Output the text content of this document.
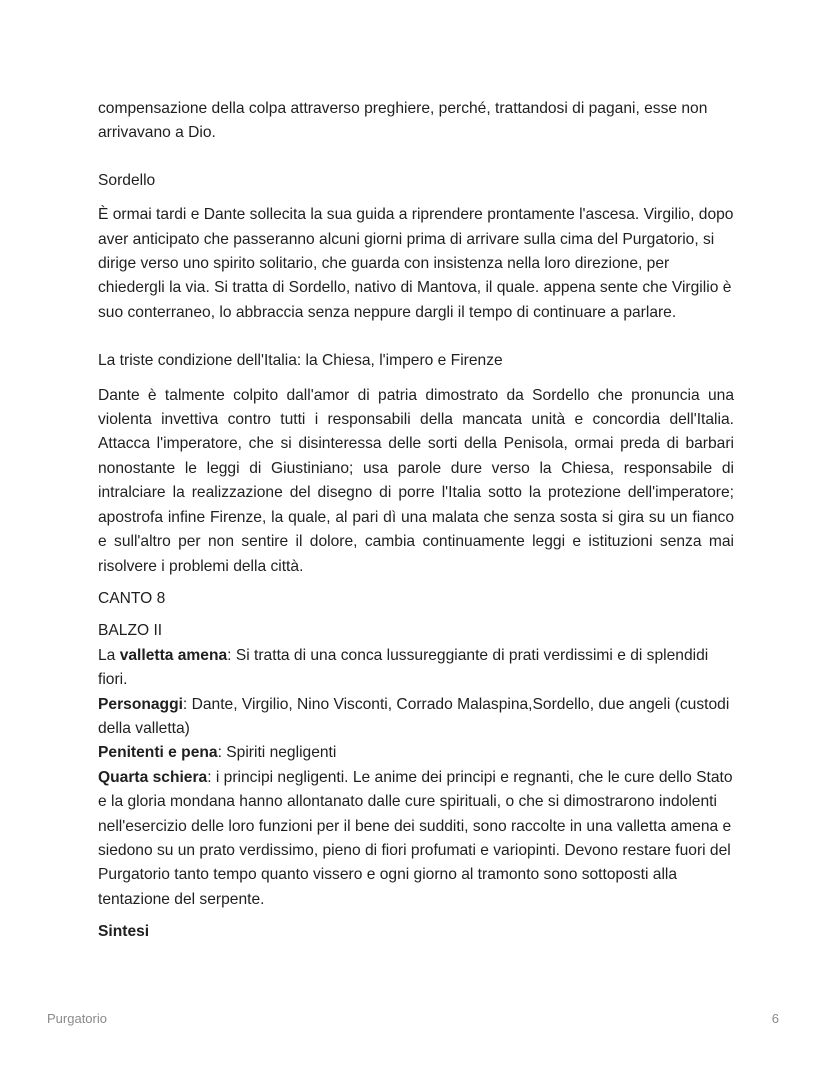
compensazione della colpa attraverso preghiere, perché, trattandosi di pagani, esse non arrivavano a Dio.

Sordello

È ormai tardi e Dante sollecita la sua guida a riprendere prontamente l'ascesa. Virgilio, dopo aver anticipato che passeranno alcuni giorni prima di arrivare sulla cima del Purgatorio, si dirige verso uno spirito solitario, che guarda con insistenza nella loro direzione, per chiedergli la via. Si tratta di Sordello, nativo di Mantova, il quale. appena sente che Virgilio è suo conterraneo, lo abbraccia senza neppure dargli il tempo di continuare a parlare.

La triste condizione dell'Italia: la Chiesa, l'impero e Firenze

Dante è talmente colpito dall'amor di patria dimostrato da Sordello che pronuncia una violenta invettiva contro tutti i responsabili della mancata unità e concordia dell'Italia. Attacca l'imperatore, che si disinteressa delle sorti della Penisola, ormai preda di barbari nonostante le leggi di Giustiniano; usa parole dure verso la Chiesa, responsabile di intralciare la realizzazione del disegno di porre l'Italia sotto la protezione dell'imperatore; apostrofa infine Firenze, la quale, al pari dì una malata che senza sosta si gira su un fianco e sull'altro per non sentire il dolore, cambia continuamente leggi e istituzioni senza mai risolvere i problemi della città.

CANTO 8

BALZO II

La valletta amena: Si tratta di una conca lussureggiante di prati verdissimi e di splendidi fiori.

Personaggi: Dante, Virgilio, Nino Visconti, Corrado Malaspina,Sordello, due angeli (custodi della valletta)

Penitenti e pena: Spiriti negligenti

Quarta schiera: i principi negligenti. Le anime dei principi e regnanti, che le cure dello Stato e la gloria mondana hanno allontanato dalle cure spirituali, o che si dimostrarono indolenti nell'esercizio delle loro funzioni per il bene dei sudditi, sono raccolte in una valletta amena e siedono su un prato verdissimo, pieno di fiori profumati e variopinti. Devono restare fuori del Purgatorio tanto tempo quanto vissero e ogni giorno al tramonto sono sottoposti alla tentazione del serpente.

Sintesi

Purgatorio	6
